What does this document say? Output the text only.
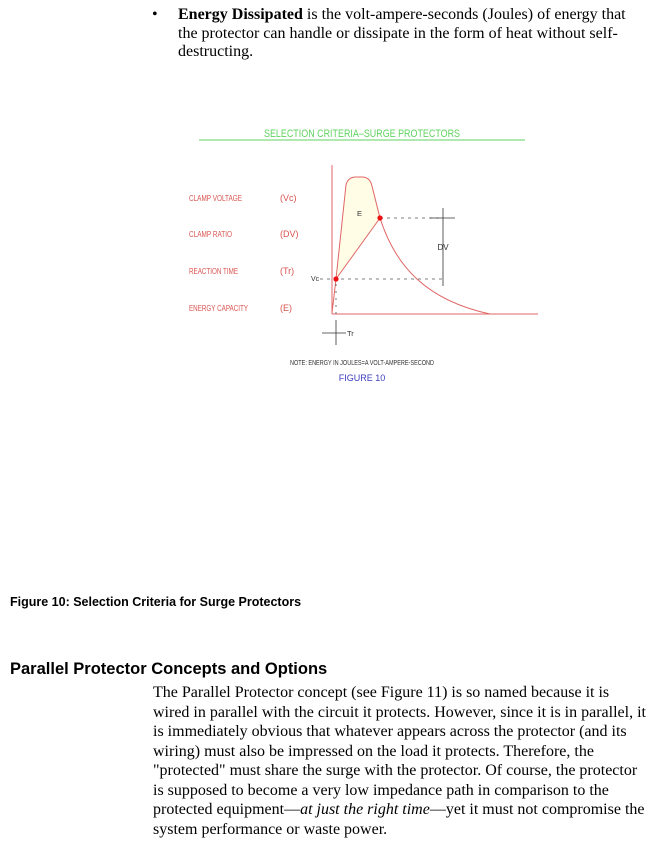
•	Energy Dissipated is the volt-ampere-seconds (Joules) of energy that the protector can handle or dissipate in the form of heat without self-destructing.
SELECTION CRITERIA–SURGE PROTECTORS
CLAMP VOLTAGE	(Vc)
CLAMP RATIO	(DV)
REACTION TIME	(Tr)
ENERGY CAPACITY	(E)
DV
Tr
E
Vc
NOTE: ENERGY IN JOULES=A VOLT-AMPERE-SECOND
FIGURE 10
Figure 10: Selection Criteria for Surge Protectors
Parallel Protector Concepts and Options
The Parallel Protector concept (see Figure 11) is so named because it is wired in parallel with the circuit it protects. However, since it is in parallel, it is immediately obvious that whatever appears across the protector (and its wiring) must also be impressed on the load it protects. Therefore, the "protected" must share the surge with the protector. Of course, the protector is supposed to become a very low impedance path in comparison to the protected equipment—at just the right time—yet it must not compromise the system performance or waste power.
